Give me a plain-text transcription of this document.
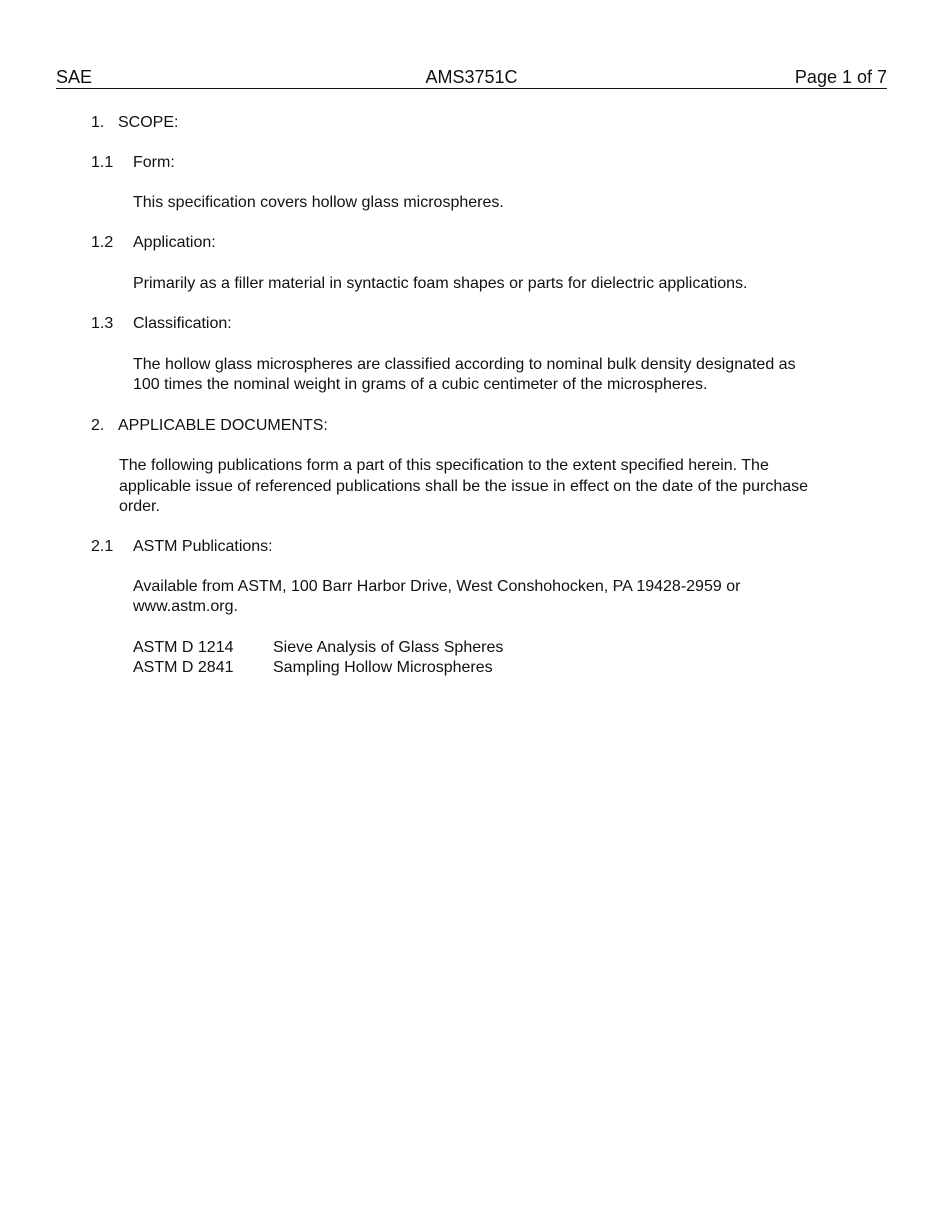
SAE	AMS3751C	Page 1 of 7
1. SCOPE:
1.1 Form:
This specification covers hollow glass microspheres.
1.2 Application:
Primarily as a filler material in syntactic foam shapes or parts for dielectric applications.
1.3 Classification:
The hollow glass microspheres are classified according to nominal bulk density designated as
100 times the nominal weight in grams of a cubic centimeter of the microspheres.
2. APPLICABLE DOCUMENTS:
The following publications form a part of this specification to the extent specified herein. The
applicable issue of referenced publications shall be the issue in effect on the date of the purchase
order.
2.1 ASTM Publications:
Available from ASTM, 100 Barr Harbor Drive, West Conshohocken, PA 19428-2959 or
www.astm.org.
ASTM D 1214 Sieve Analysis of Glass Spheres
ASTM D 2841 Sampling Hollow Microspheres
